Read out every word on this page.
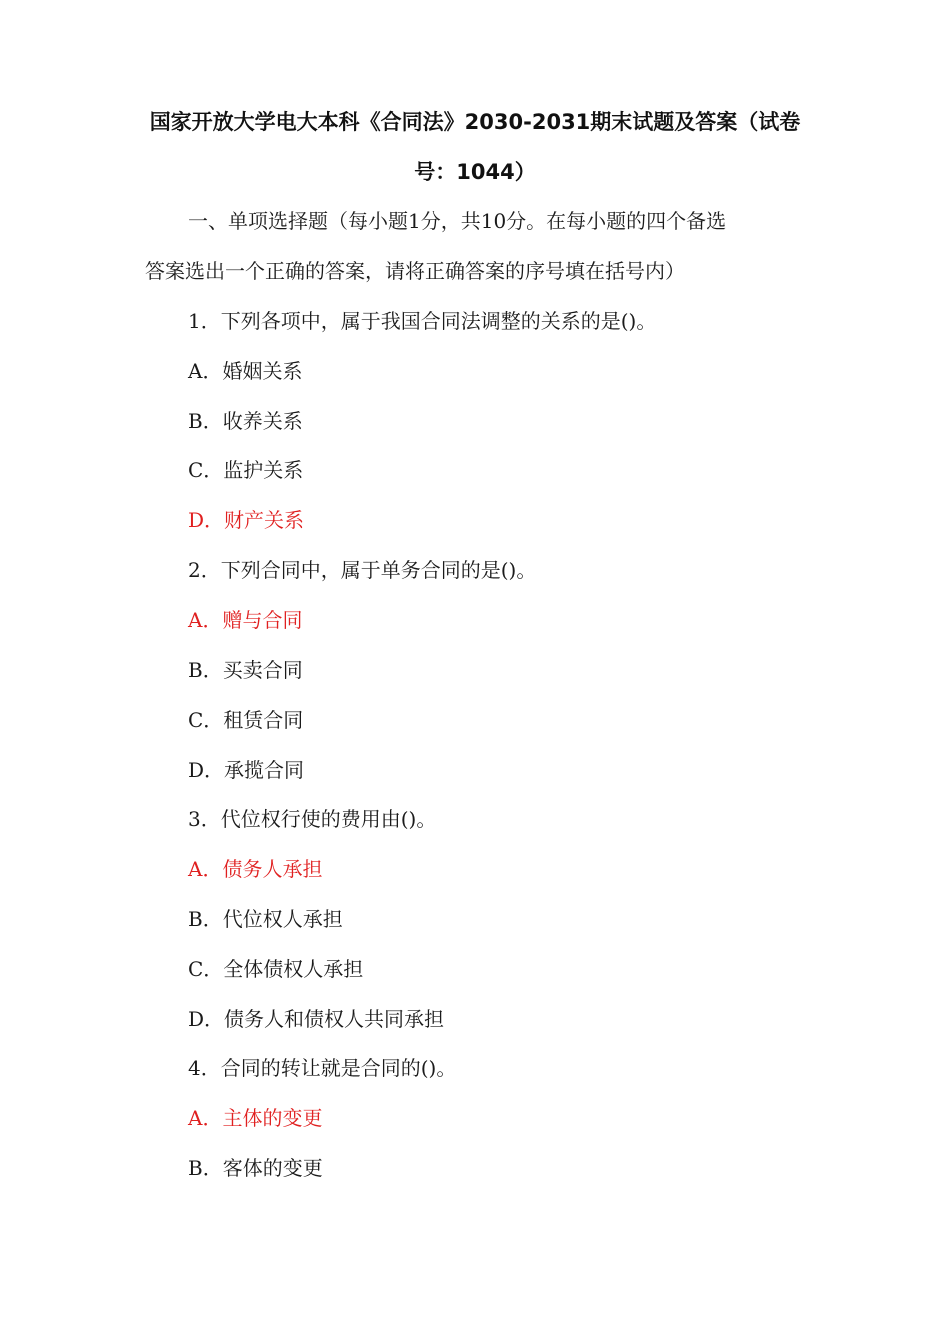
国家开放大学电大本科《合同法》2030-2031期末试题及答案（试卷
号：1044）
一、单项选择题（每小题1分，共10分。在每小题的四个备选
答案选出一个正确的答案，请将正确答案的序号填在括号内）
1．下列各项中，属于我国合同法调整的关系的是()。
A．婚姻关系
B．收养关系
C．监护关系
D．财产关系
2．下列合同中，属于单务合同的是()。
A．赠与合同
B．买卖合同
C．租赁合同
D．承揽合同
3．代位权行使的费用由()。
A．债务人承担
B．代位权人承担
C．全体债权人承担
D．债务人和债权人共同承担
4．合同的转让就是合同的()。
A．主体的变更
B．客体的变更
